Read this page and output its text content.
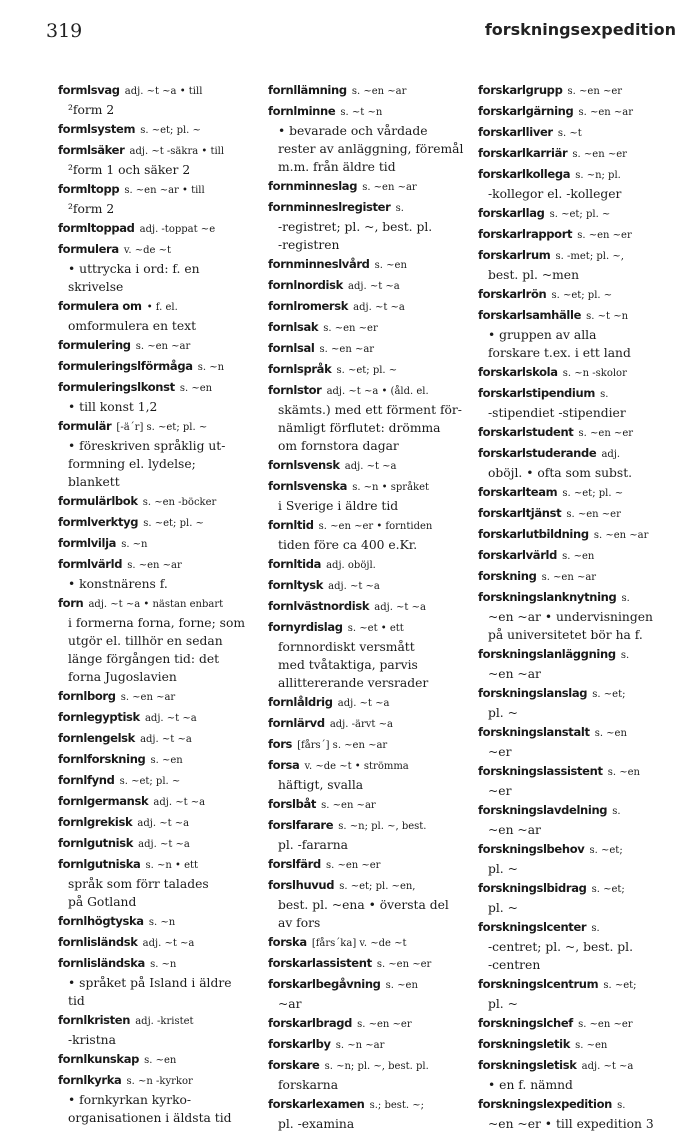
319	forskningsexpedition
formlsvag adj. ~t ~a • till
²form 2
formlsystem s. ~et; pl. ~
formlsäker adj. ~t -säkra • till
²form 1 och säker 2
formltopp s. ~en ~ar • till
²form 2
formltoppad adj. -toppat ~e
formulera v. ~de ~t
• uttrycka i ord: f. en
skrivelse
formulera om • f. el.
omformulera en text
formulering s. ~en ~ar
formuleringslförmåga s. ~n
formuleringslkonst s. ~en
• till konst 1,2
formulär [-ä´r] s. ~et; pl. ~
• föreskriven språklig ut-
formning el. lydelse;
blankett
formulärlbok s. ~en -böcker
formlverktyg s. ~et; pl. ~
formlvilja s. ~n
formlvärld s. ~en ~ar
• konstnärens f.
forn adj. ~t ~a • nästan enbart
i formerna forna, forne; som
utgör el. tillhör en sedan
länge förgången tid: det
forna Jugoslavien
fornlborg s. ~en ~ar
fornlegyptisk adj. ~t ~a
fornlengelsk adj. ~t ~a
fornlforskning s. ~en
fornlfynd s. ~et; pl. ~
fornlgermansk adj. ~t ~a
fornlgrekisk adj. ~t ~a
fornlgutnisk adj. ~t ~a
fornlgutniska s. ~n • ett
språk som förr talades
på Gotland
fornlhögtyska s. ~n
fornlisländsk adj. ~t ~a
fornlisländska s. ~n
• språket på Island i äldre
tid
fornlkristen adj. -kristet
-kristna
fornlkunskap s. ~en
fornlkyrka s. ~n -kyrkor
• fornkyrkan kyrko-
organisationen i äldsta tid
fornllämning s. ~en ~ar
fornlminne s. ~t ~n
• bevarade och vårdade
rester av anläggning, föremål
m.m. från äldre tid
fornminneslag s. ~en ~ar
fornminneslregister s.
-registret; pl. ~, best. pl.
-registren
fornminneslvård s. ~en
fornlnordisk adj. ~t ~a
fornlromersk adj. ~t ~a
fornlsak s. ~en ~er
fornlsal s. ~en ~ar
fornlspråk s. ~et; pl. ~
fornlstor adj. ~t ~a • (åld. el.
skämts.) med ett förment för-
nämligt förflutet: drömma
om fornstora dagar
fornlsvensk adj. ~t ~a
fornlsvenska s. ~n • språket
i Sverige i äldre tid
fornltid s. ~en ~er • forntiden
tiden före ca 400 e.Kr.
fornltida adj. oböjl.
fornltysk adj. ~t ~a
fornlvästnordisk adj. ~t ~a
fornyrdislag s. ~et • ett
fornnordiskt versmått
med tvåtaktiga, parvis
allittererande versrader
fornlåldrig adj. ~t ~a
fornlärvd adj. -ärvt ~a
fors [fårs´] s. ~en ~ar
forsa v. ~de ~t • strömma
häftigt, svalla
forslbåt s. ~en ~ar
forslfarare s. ~n; pl. ~, best.
pl. -fararna
forslfärd s. ~en ~er
forslhuvud s. ~et; pl. ~en,
best. pl. ~ena • översta del
av fors
forska [fårs´ka] v. ~de ~t
forskarlassistent s. ~en ~er
forskarlbegåvning s. ~en
~ar
forskarlbragd s. ~en ~er
forskarlby s. ~n ~ar
forskare s. ~n; pl. ~, best. pl.
forskarna
forskarlexamen s.; best. ~;
pl. -examina
forskarlgrupp s. ~en ~er
forskarlgärning s. ~en ~ar
forskarlliver s. ~t
forskarlkarriär s. ~en ~er
forskarlkollega s. ~n; pl.
-kollegor el. -kolleger
forskarllag s. ~et; pl. ~
forskarlrapport s. ~en ~er
forskarlrum s. -met; pl. ~,
best. pl. ~men
forskarlrön s. ~et; pl. ~
forskarlsamhälle s. ~t ~n
• gruppen av alla
forskare t.ex. i ett land
forskarlskola s. ~n -skolor
forskarlstipendium s.
-stipendiet -stipendier
forskarlstudent s. ~en ~er
forskarlstuderande adj.
oböjl. • ofta som subst.
forskarlteam s. ~et; pl. ~
forskarltjänst s. ~en ~er
forskarlutbildning s. ~en ~ar
forskarlvärld s. ~en
forskning s. ~en ~ar
forskningslanknytning s.
~en ~ar • undervisningen
på universitetet bör ha f.
forskningslanläggning s.
~en ~ar
forskningslanslag s. ~et;
pl. ~
forskningslanstalt s. ~en
~er
forskningslassistent s. ~en
~er
forskningslavdelning s.
~en ~ar
forskningslbehov s. ~et;
pl. ~
forskningslbidrag s. ~et;
pl. ~
forskningslcenter s.
-centret; pl. ~, best. pl.
-centren
forskningslcentrum s. ~et;
pl. ~
forskningslchef s. ~en ~er
forskningsletik s. ~en
forskningsletisk adj. ~t ~a
• en f. nämnd
forskningslexpedition s.
~en ~er • till expedition 3
